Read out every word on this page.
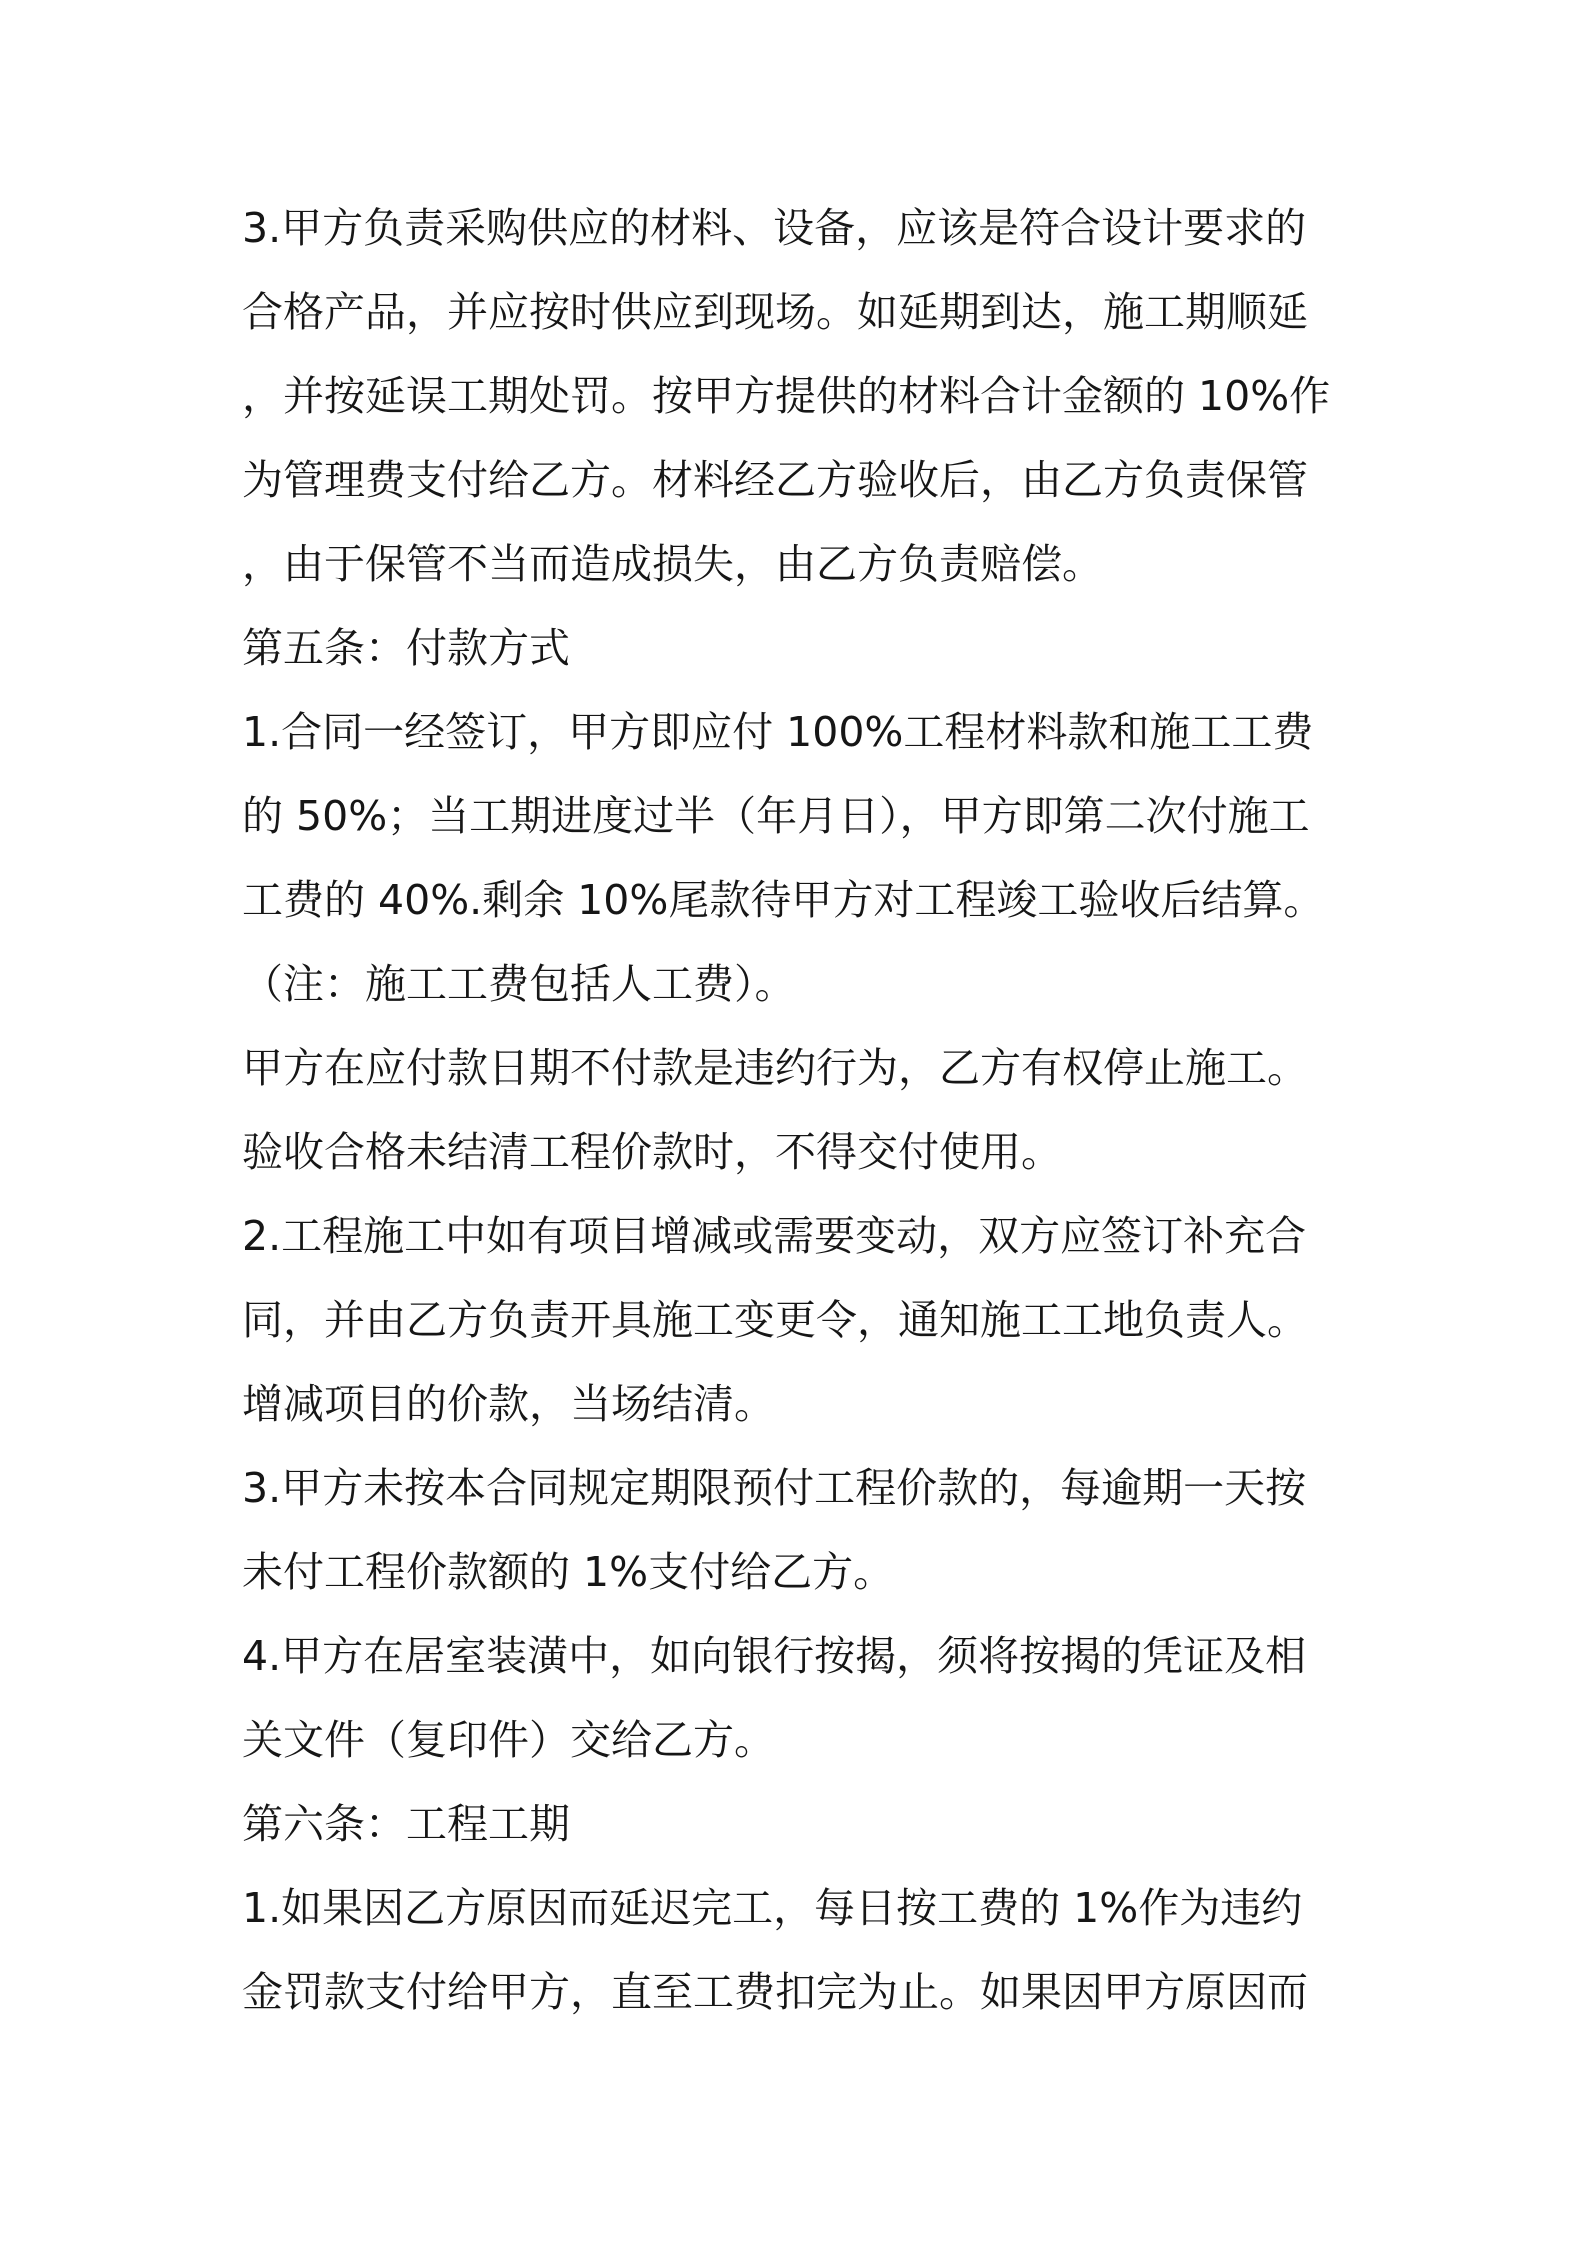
3.甲方负责采购供应的材料、设备，应该是符合设计要求的
合格产品，并应按时供应到现场。如延期到达，施工期顺延
，并按延误工期处罚。按甲方提供的材料合计金额的 10%作
为管理费支付给乙方。材料经乙方验收后，由乙方负责保管
，由于保管不当而造成损失，由乙方负责赔偿。
第五条：付款方式
1.合同一经签订，甲方即应付 100%工程材料款和施工工费
的 50%；当工期进度过半（年月日），甲方即第二次付施工
工费的 40%.剩余 10%尾款待甲方对工程竣工验收后结算。
（注：施工工费包括人工费）。
甲方在应付款日期不付款是违约行为，乙方有权停止施工。
验收合格未结清工程价款时，不得交付使用。
2.工程施工中如有项目增减或需要变动，双方应签订补充合
同，并由乙方负责开具施工变更令，通知施工工地负责人。
增减项目的价款，当场结清。
3.甲方未按本合同规定期限预付工程价款的，每逾期一天按
未付工程价款额的 1%支付给乙方。
4.甲方在居室装潢中，如向银行按揭，须将按揭的凭证及相
关文件（复印件）交给乙方。
第六条：工程工期
1.如果因乙方原因而延迟完工，每日按工费的 1%作为违约
金罚款支付给甲方，直至工费扣完为止。如果因甲方原因而
